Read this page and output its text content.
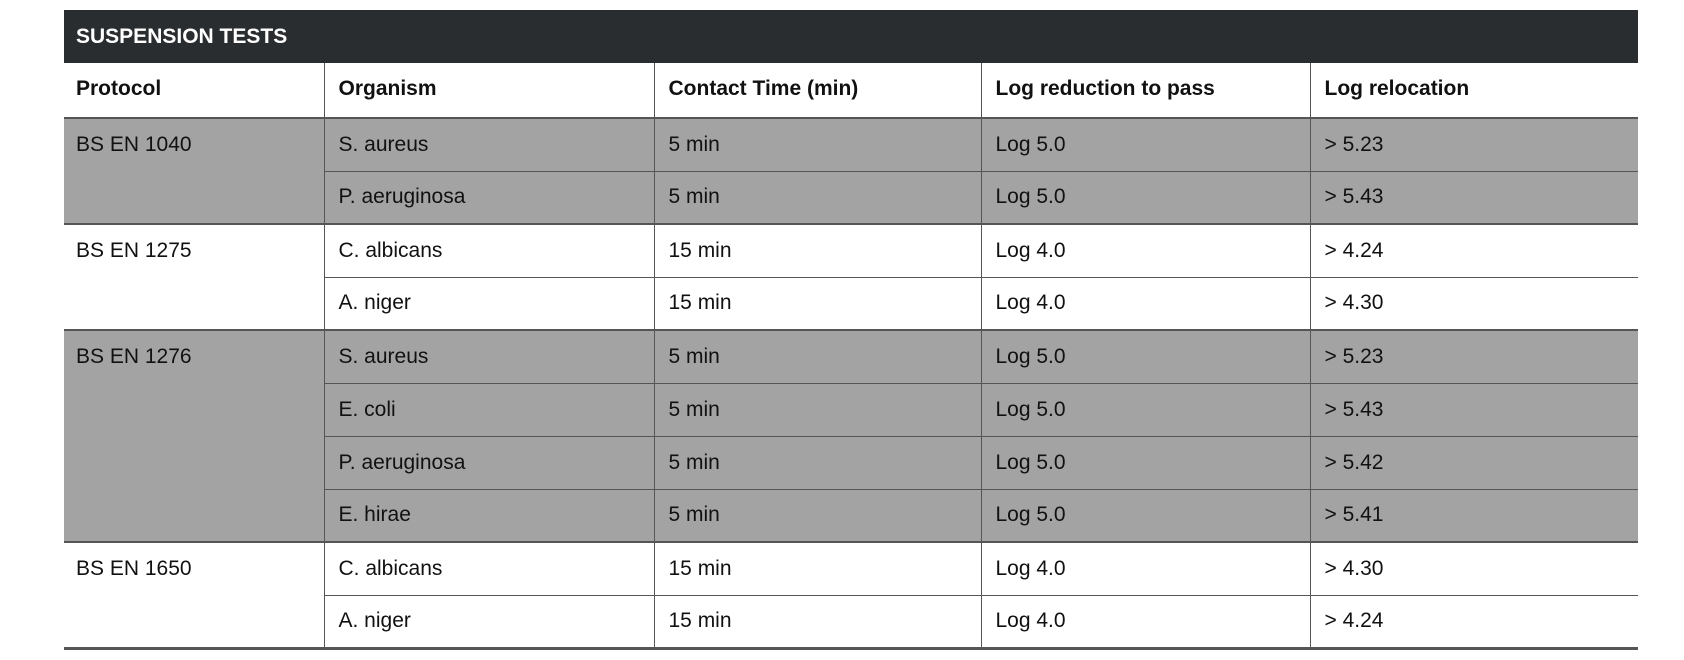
SUSPENSION TESTS
Protocol	Organism	Contact Time (min)	Log reduction to pass	Log relocation
BS EN 1040	S. aureus	5 min	Log 5.0	> 5.23
	P. aeruginosa	5 min	Log 5.0	> 5.43
BS EN 1275	C. albicans	15 min	Log 4.0	> 4.24
	A. niger	15 min	Log 4.0	> 4.30
BS EN 1276	S. aureus	5 min	Log 5.0	> 5.23
	E. coli	5 min	Log 5.0	> 5.43
	P. aeruginosa	5 min	Log 5.0	> 5.42
	E. hirae	5 min	Log 5.0	> 5.41
BS EN 1650	C. albicans	15 min	Log 4.0	> 4.30
	A. niger	15 min	Log 4.0	> 4.24
